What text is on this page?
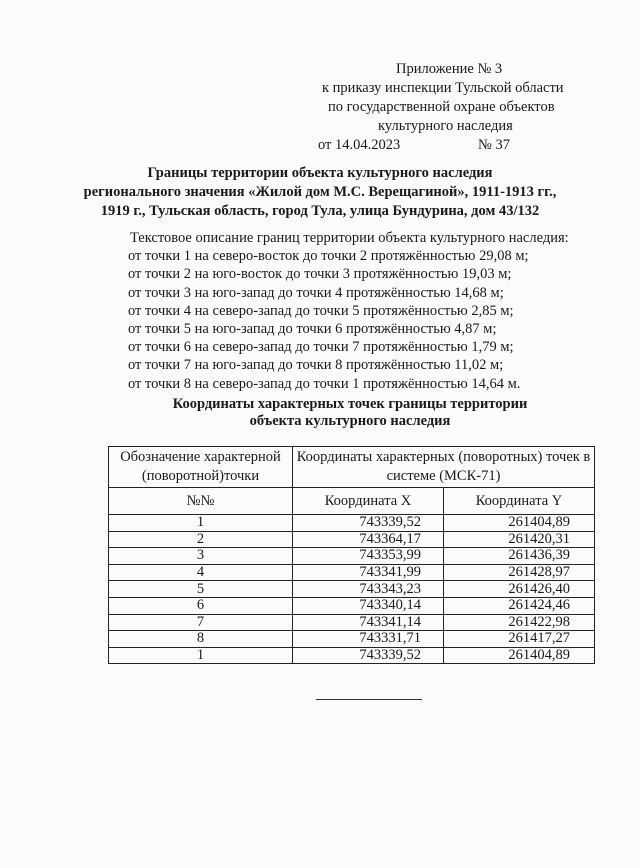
Приложение № 3
к приказу инспекции Тульской области
по государственной охране объектов
культурного наследия
от 14.04.2023	№ 37
Границы территории объекта культурного наследия
регионального значения «Жилой дом М.С. Верещагиной», 1911-1913 гг.,
1919 г., Тульская область, город Тула, улица Бундурина, дом 43/132
Текстовое описание границ территории объекта культурного наследия:
от точки 1 на северо-восток до точки 2 протяжённостью 29,08 м;
от точки 2 на юго-восток до точки 3 протяжённостью 19,03 м;
от точки 3 на юго-запад до точки 4 протяжённостью 14,68 м;
от точки 4 на северо-запад до точки 5 протяжённостью 2,85 м;
от точки 5 на юго-запад до точки 6 протяжённостью 4,87 м;
от точки 6 на северо-запад до точки 7 протяжённостью 1,79 м;
от точки 7 на юго-запад до точки 8 протяжённостью 11,02 м;
от точки 8 на северо-запад до точки 1 протяжённостью 14,64 м.
Координаты характерных точек границы территории
объекта культурного наследия
Обозначение характерной (поворотной)точки	Координаты характерных (поворотных) точек в системе (МСК-71)	
№№	Координата X	Координата Y
1	743339,52	261404,89
2	743364,17	261420,31
3	743353,99	261436,39
4	743341,99	261428,97
5	743343,23	261426,40
6	743340,14	261424,46
7	743341,14	261422,98
8	743331,71	261417,27
1	743339,52	261404,89
